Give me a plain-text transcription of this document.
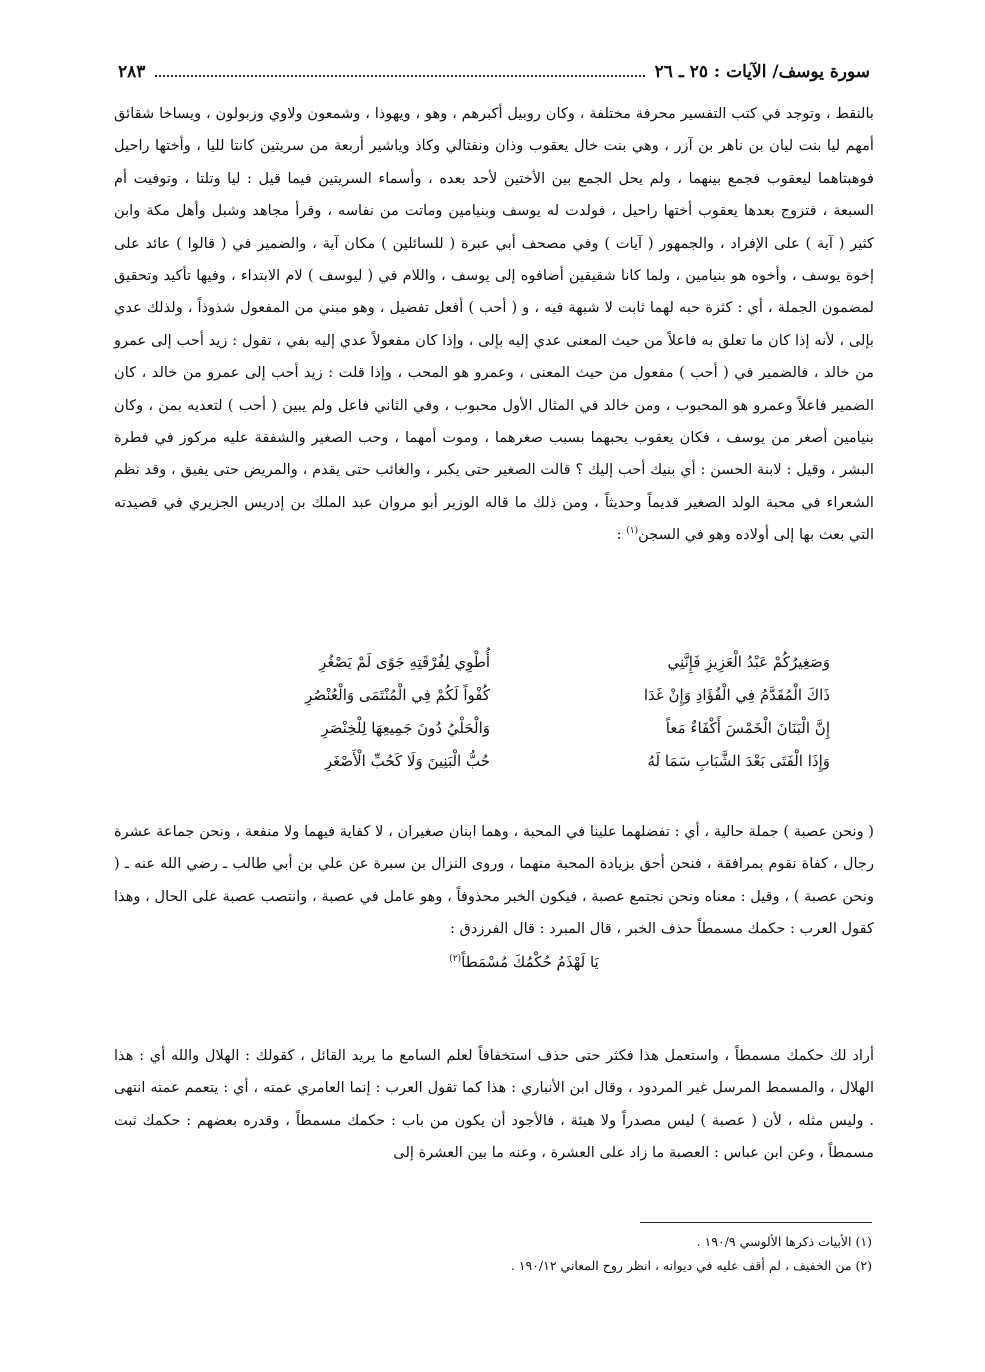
سورة يوسف/ الآيات : ٢٥ ـ ٢٦
٢٨٣

بالنقط ، وتوجد في كتب التفسير محرفة مختلفة ، وكان روبيل أكبرهم ، وهو ، ويهوذا ، وشمعون ولاوي وزبولون ، ويساخا شقائق أمهم ليا بنت ليان بن ناهر بن آزر ، وهي بنت خال يعقوب وذان ونفتالي وكاذ وياشير أربعة من سريتين كانتا لليا ، وأختها راحيل فوهبتاهما ليعقوب فجمع بينهما ، ولم يحل الجمع بين الأختين لأحد بعده ، وأسماء السريتين فيما قيل : ليا وتلتا ، وتوفيت أم السبعة ، فتزوج بعدها يعقوب أختها راحيل ، فولدت له يوسف وبنيامين وماتت من نفاسه ، وقرأ مجاهد وشبل وأهل مكة وابن كثير ( آية ) على الإفراد ، والجمهور ( آيات ) وفي مصحف أبي عبرة ( للسائلين ) مكان آية ، والضمير في ( قالوا ) عائد على إخوة يوسف ، وأخوه هو بنيامين ، ولما كانا شقيقين أضافوه إلى يوسف ، واللام في ( ليوسف ) لام الابتداء ، وفيها تأكيد وتحقيق لمضمون الجملة ، أي : كثرة حبه لهما ثابت لا شبهة فيه ، و ( أحب ) أفعل تفضيل ، وهو مبني من المفعول شذوذاً ، ولذلك عدي بإلى ، لأنه إذا كان ما تعلق به فاعلاً من حيث المعنى عدي إليه بإلى ، وإذا كان مفعولاً عدي إليه بفي ، تقول : زيد أحب إلى عمرو من خالد ، فالضمير في ( أحب ) مفعول من حيث المعنى ، وعمرو هو المحب ، وإذا قلت : زيد أحب إلى عمرو من خالد ، كان الضمير فاعلاً وعمرو هو المحبوب ، ومن خالد في المثال الأول محبوب ، وفي الثاني فاعل ولم يبين ( أحب ) لتعديه بمن ، وكان بنيامين أصغر من يوسف ، فكان يعقوب يحبهما بسبب صغرهما ، وموت أمهما ، وحب الصغير والشفقة عليه مركوز في فطرة البشر ، وقيل : لابنة الحسن : أي بنيك أحب إليك ؟ قالت الصغير حتى يكبر ، والغائب حتى يقدم ، والمريض حتى يفيق ، وقد نظم الشعراء في محبة الولد الصغير قديماً وحديثاً ، ومن ذلك ما قاله الوزير أبو مروان عبد الملك بن إدريس الجزيري في قصيدته التي بعث بها إلى أولاده وهو في السجن$^{(١)}$ :

وَصَغِيرُكُمْ عَبْدُ الْعَزِيزِ فَإِنَّنِي
أُطْوِي لِفُرْقَتِهِ جَوًى لَمْ يَصْغُرِ
ذَاكَ الْمُقَدَّمُ فِي الْفُؤَادِ وَإِنْ غَدَا
كُفْواً لَكُمْ فِي الْمُنْتَمَى وَالْعُنْصُرِ
إِنَّ الْبَنَانَ الْخَمْسَ أَكْفَاءٌ مَعاً
وَالْحَلْيُ دُونَ جَمِيعِهَا لِلْخِنْصَرِ
وَإِذَا الْفَتَى بَعْدَ الشَّبَابِ سَمَا لَهُ
حُبُّ الْبَنِينَ وَلَا كَحُبِّ الْأَصْغَرِ

( ونحن عصبة ) جملة حالية ، أي : تفضلهما علينا في المحبة ، وهما ابنان صغيران ، لا كفاية فيهما ولا منفعة ، ونحن جماعة عشرة رجال ، كفاة نقوم بمرافقة ، فنحن أحق بزيادة المحبة منهما ، وروى النزال بن سبرة عن علي بن أبي طالب ـ رضي الله عنه ـ ( ونحن عصبة ) ، وقيل : معناه ونحن نجتمع عصبة ، فيكون الخبر محذوفاً ، وهو عامل في عصبة ، وانتصب عصبة على الحال ، وهذا كقول العرب : حكمك مسمطاً حذف الخبر ، قال المبرد : قال الفرزدق :

يَا لَهْذَمُ حُكْمُكَ مُسْمَطاً$^{(٢)}$

أراد لك حكمك مسمطاً ، واستعمل هذا فكثر حتى حذف استخفافاً لعلم السامع ما يريد القائل ، كقولك : الهلال والله أي : هذا الهلال ، والمسمط المرسل غير المردود ، وقال ابن الأنباري : هذا كما تقول العرب : إنما العامري عمته ، أي : يتعمم عمته انتهى . وليس مثله ، لأن ( عصبة ) ليس مصدراً ولا هيئة ، فالأجود أن يكون من باب : حكمك مسمطاً ، وقدره بعضهم : حكمك ثبت مسمطاً ، وعن ابن عباس : العصبة ما زاد على العشرة ، وعنه ما بين العشرة إلى

(١) الأبيات ذكرها الألوسي ١٩٠/٩ .
(٢) من الخفيف ، لم أقف عليه في ديوانه ، انظر روح المعاني ١٩٠/١٢ .
